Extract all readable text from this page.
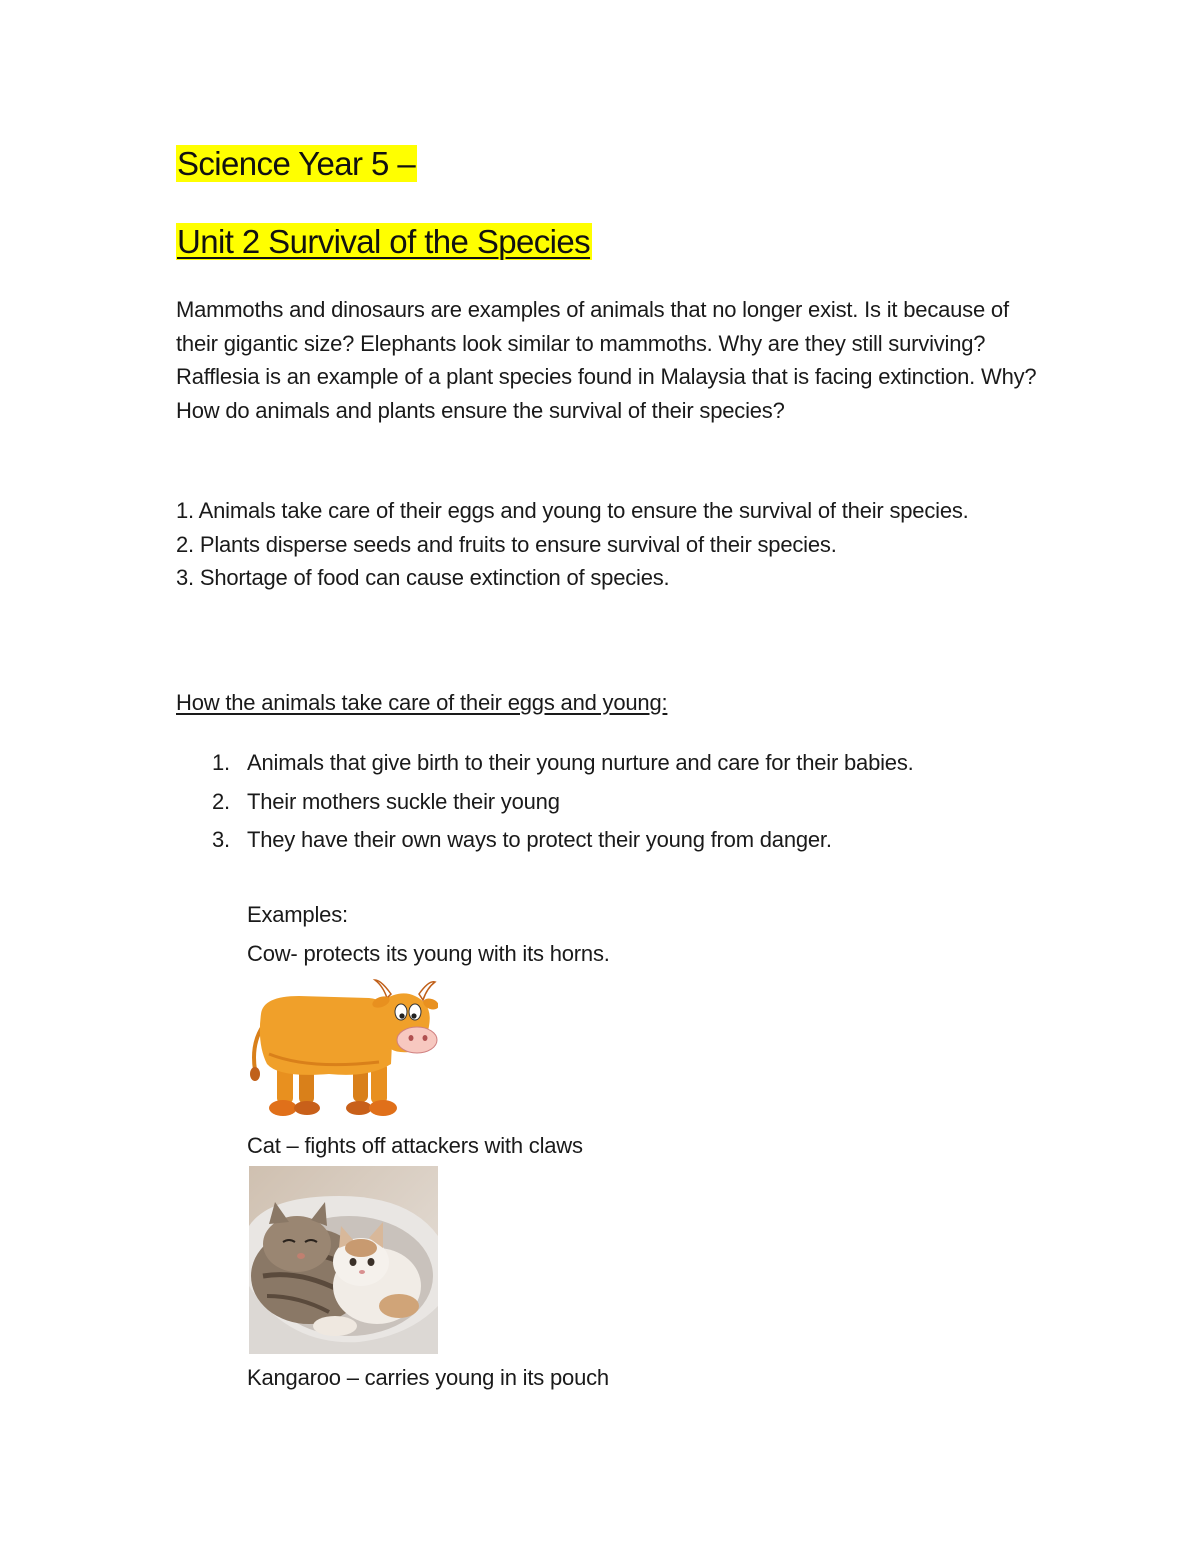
Science Year 5 –
Unit 2 Survival of the Species

Mammoths and dinosaurs are examples of animals that no longer exist. Is it because of their gigantic size? Elephants look similar to mammoths. Why are they still surviving? Rafflesia is an example of a plant species found in Malaysia that is facing extinction. Why? How do animals and plants ensure the survival of their species?

1. Animals take care of their eggs and young to ensure the survival of their species.
2. Plants disperse seeds and fruits to ensure survival of their species.
3. Shortage of food can cause extinction of species.
How the animals take care of their eggs and young:
1. Animals that give birth to their young nurture and care for their babies.
2. Their mothers suckle their young
3. They have their own ways to protect their young from danger.
Examples:
Cow- protects its young with its horns.
Cat – fights off attackers with claws
Kangaroo – carries young in its pouch
